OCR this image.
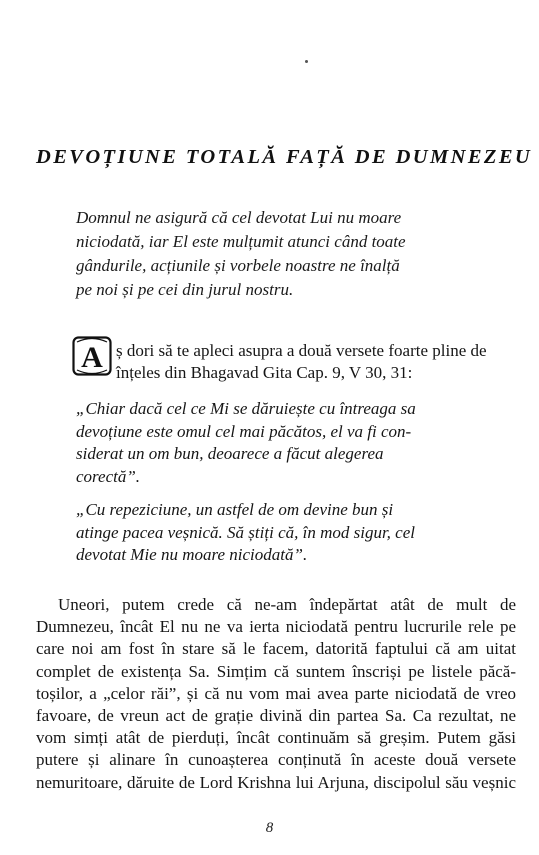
DEVOȚIUNE TOTALĂ FAȚĂ DE DUMNEZEU
Domnul ne asigură că cel devotat Lui nu moare
niciodată, iar El este mulțumit atunci când toate
gândurile, acțiunile și vorbele noastre ne înalță
pe noi și pe cei din jurul nostru.
A ș dori să te apleci asupra a două versete foarte pline de
înțeles din Bhagavad Gita Cap. 9, V 30, 31:
„Chiar dacă cel ce Mi se dăruiește cu întreaga sa
devoțiune este omul cel mai păcătos, el va fi con-
siderat un om bun, deoarece a făcut alegerea
corectă”.
„Cu repeziciune, un astfel de om devine bun și
atinge pacea veșnică. Să știți că, în mod sigur, cel
devotat Mie nu moare niciodată”.
Uneori, putem crede că ne-am îndepărtat atât de mult de
Dumnezeu, încât El nu ne va ierta niciodată pentru lucrurile rele pe
care noi am fost în stare să le facem, datorită faptului că am uitat
complet de existența Sa. Simțim că suntem înscriși pe listele păcă-
toșilor, a „celor răi”, și că nu vom mai avea parte niciodată de vreo
favoare, de vreun act de grație divină din partea Sa. Ca rezultat, ne
vom simți atât de pierduți, încât continuăm să greșim. Putem găsi
putere și alinare în cunoașterea conținută în aceste două versete
nemuritoare, dăruite de Lord Krishna lui Arjuna, discipolul său veșnic
8
